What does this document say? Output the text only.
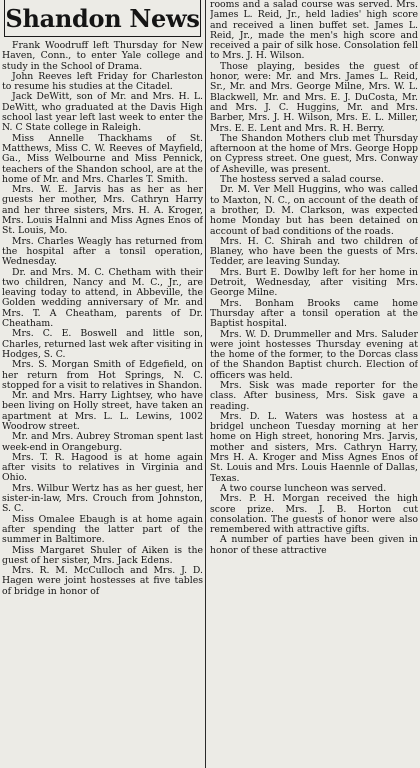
Shandon News

Frank Woodruff left Thursday for New Haven, Conn., to enter Yale college and study in the School of Drama.

John Reeves left Friday for Charleston to resume his studies at the Citadel.

Jack DeWitt, son of Mr. and Mrs. H. L. DeWitt, who graduated at the Davis High school last year left last week to enter the N. C State college in Raleigh.

Miss Annelle Thackhams of St. Matthews, Miss C. W. Reeves of Mayfield, Ga., Miss Welbourne and Miss Pennick, teachers of the Shandon school, are at the home of Mr. and Mrs. Charles T. Smith.

Mrs. W. E. Jarvis has as her as her guests her mother, Mrs. Cathryn Harry and her three sisters, Mrs. H. A. Kroger, Mrs. Louis Halnni and Miss Agnes Enos of St. Louis, Mo.

Mrs. Charles Weagly has returned from the hospital after a tonsil operation, Wednesday.

Dr. and Mrs. M. C. Chetham with their two children, Nancy and M. C., Jr., are leaving today to attend, in Abbeville, the Golden wedding anniversary of Mr. and Mrs. T. A Cheatham, parents of Dr. Cheatham.

Mrs. C. E. Boswell and little son, Charles, returned last wek after visiting in Hodges, S. C.

Mrs. S. Morgan Smith of Edgefield, on her return from Hot Springs, N. C. stopped for a visit to relatives in Shandon.

Mr. and Mrs. Harry Lightsey, who have been living on Holly street, have taken an apartment at Mrs. L. L. Lewins, 1002 Woodrow street.

Mr. and Mrs. Aubrey Stroman spent last week-end in Orangeburg.

Mrs. T. R. Hagood is at home again after visits to relatives in Virginia and Ohio.

Mrs. Wilbur Wertz has as her guest, her sister-in-law, Mrs. Crouch from Johnston, S. C.

Miss Omalee Ebaugh is at home again after spending the latter part of the summer in Baltimore.

Miss Margaret Shuler of Aiken is the guest of her sister, Mrs. Jack Edens.

Mrs. R. M. McCulloch and Mrs. J. D. Hagen were joint hostesses at five tables of bridge in honor of

rooms and a salad course was served. Mrs. James L. Reid, Jr., held ladies' high score and received a linen buffet set. James L. Reid, Jr., made the men's high score and received a pair of silk hose. Consolation fell to Mrs. J. H. Wilson.

Those playing, besides the guest of honor, were: Mr. and Mrs. James L. Reid, Sr., Mr. and Mrs. George Milne, Mrs. W. L. Blackwell, Mr. and Mrs. E. J. DuCosta, Mr. and Mrs. J. C. Huggins, Mr. and Mrs. Barber, Mrs. J. H. Wilson, Mrs. E. L. Miller, Mrs. E. E. Lent and Mrs. R. H. Berry.

The Shandon Mothers club met Thursday afternoon at the home of Mrs. George Hopp on Cypress street. One guest, Mrs. Conway of Asheville, was present.

The hostess served a salad course.

Dr. M. Ver Mell Huggins, who was called to Maxton, N. C., on account of the death of a brother, D. M. Clarkson, was expected home Monday but has been detained on account of bad conditions of the roads.

Mrs. H. C. Shirah and two children of Blaney, who have been the guests of Mrs. Tedder, are leaving Sunday.

Mrs. Burt E. Dowlby left for her home in Detroit, Wednesday, after visiting Mrs. George Milne.

Mrs. Bonham Brooks came home Thursday after a tonsil operation at the Baptist hospital.

Mrs. W. D. Drummeller and Mrs. Saluder were joint hostesses Thursday evening at the home of the former, to the Dorcas class of the Shandon Baptist church. Election of officers was held.

Mrs. Sisk was made reporter for the class. After business, Mrs. Sisk gave a reading.

Mrs. D. L. Waters was hostess at a bridgel uncheon Tuesday morning at her home on High street, honoring Mrs. Jarvis, mother and sisters, Mrs. Cathryn Harry, Mrs H. A. Kroger and Miss Agnes Enos of St. Louis and Mrs. Louis Haennle of Dallas, Texas.

A two course luncheon was served.

Mrs. P. H. Morgan received the high score prize. Mrs. J. B. Horton cut consolation. The guests of honor were also remembered with attractive gifts.

A number of parties have been given in honor of these attractive
